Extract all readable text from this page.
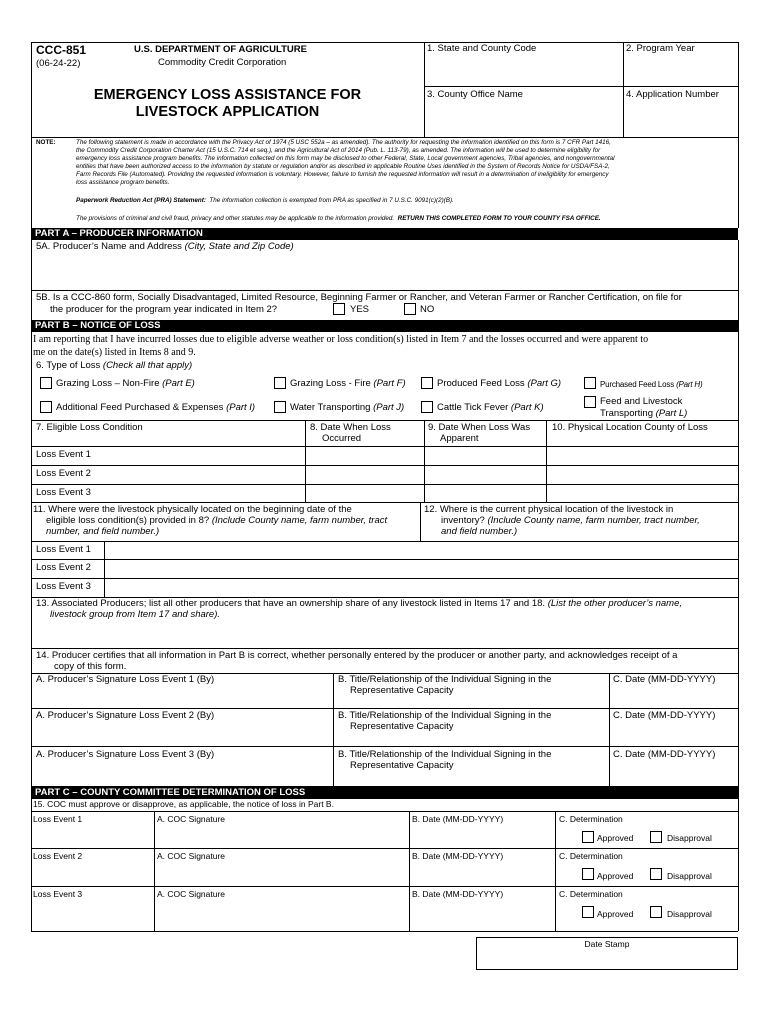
CCC-851
(06-24-22)
U.S. DEPARTMENT OF AGRICULTURE
Commodity Credit Corporation
EMERGENCY LOSS ASSISTANCE FOR
LIVESTOCK APPLICATION
1. State and County Code	2. Program Year
3. County Office Name	4. Application Number
NOTE:	The following statement is made in accordance with the Privacy Act of 1974 (5 USC 552a – as amended). The authority for requesting the information identified on this form is 7 CFR Part 1416,
the Commodity Credit Corporation Charter Act (15 U.S.C. 714 et seq.), and the Agricultural Act of 2014 (Pub. L. 113-79), as amended. The information will be used to determine eligibility for
emergency loss assistance program benefits. The information collected on this form may be disclosed to other Federal, State, Local government agencies, Tribal agencies, and nongovernmental
entities that have been authorized access to the information by statute or regulation and/or as described in applicable Routine Uses identified in the System of Records Notice for USDA/FSA-2,
Farm Records File (Automated). Providing the requested information is voluntary. However, failure to furnish the requested information will result in a determination of ineligibility for emergency
loss assistance program benefits.
Paperwork Reduction Act (PRA) Statement: The information collection is exempted from PRA as specified in 7 U.S.C. 9091(c)(2)(B).
The provisions of criminal and civil fraud, privacy and other statutes may be applicable to the information provided. RETURN THIS COMPLETED FORM TO YOUR COUNTY FSA OFFICE.
PART A – PRODUCER INFORMATION
5A. Producer’s Name and Address (City, State and Zip Code)
5B. Is a CCC-860 form, Socially Disadvantaged, Limited Resource, Beginning Farmer or Rancher, and Veteran Farmer or Rancher Certification, on file for
the producer for the program year indicated in Item 2?	YES	NO
PART B – NOTICE OF LOSS
I am reporting that I have incurred losses due to eligible adverse weather or loss condition(s) listed in Item 7 and the losses occurred and were apparent to
me on the date(s) listed in Items 8 and 9.
6. Type of Loss (Check all that apply)
Grazing Loss – Non-Fire (Part E)	Grazing Loss - Fire (Part F)	Produced Feed Loss (Part G)	Purchased Feed Loss (Part H)
Additional Feed Purchased & Expenses (Part I)	Water Transporting (Part J)	Cattle Tick Fever (Part K)
Feed and Livestock
Transporting (Part L)
7. Eligible Loss Condition	8. Date When Loss
Occurred
9. Date When Loss Was
Apparent
10. Physical Location County of Loss
Loss Event 1
Loss Event 2
Loss Event 3
11. Where were the livestock physically located on the beginning date of the
eligible loss condition(s) provided in 8? (Include County name, farm number, tract
number, and field number.)
12. Where is the current physical location of the livestock in
inventory? (Include County name, farm number, tract number,
and field number.)
Loss Event 1
Loss Event 2
Loss Event 3
13. Associated Producers; list all other producers that have an ownership share of any livestock listed in Items 17 and 18. (List the other producer’s name,
livestock group from Item 17 and share).
14. Producer certifies that all information in Part B is correct, whether personally entered by the producer or another party, and acknowledges receipt of a
copy of this form.
A. Producer’s Signature Loss Event 1 (By)	B. Title/Relationship of the Individual Signing in the
Representative Capacity
C. Date (MM-DD-YYYY)
A. Producer’s Signature Loss Event 2 (By)	B. Title/Relationship of the Individual Signing in the
Representative Capacity
C. Date (MM-DD-YYYY)
A. Producer’s Signature Loss Event 3 (By)	B. Title/Relationship of the Individual Signing in the
Representative Capacity
C. Date (MM-DD-YYYY)
PART C – COUNTY COMMITTEE DETERMINATION OF LOSS
15. COC must approve or disapprove, as applicable, the notice of loss in Part B.
Loss Event 1	A. COC Signature	B. Date (MM-DD-YYYY)	C. Determination
Approved	Disapproval
Loss Event 2	A. COC Signature	B. Date (MM-DD-YYYY)	C. Determination
Approved	Disapproval
Loss Event 3	A. COC Signature	B. Date (MM-DD-YYYY)	C. Determination
Approved	Disapproval
Date Stamp
